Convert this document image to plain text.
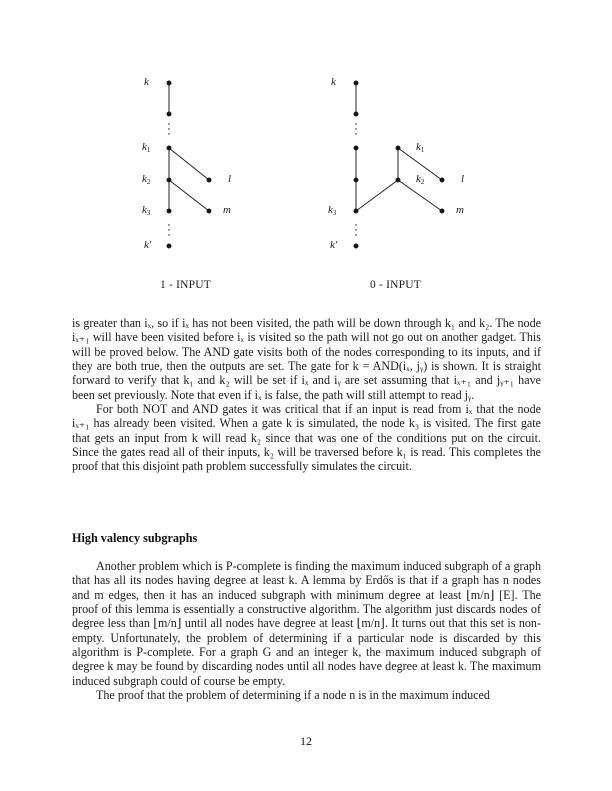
k
$k_1$
$k_2$
$k_3$
k′
l
m
1 - INPUT
k
$k_1$
$k_2$
$k_3$
k′
l
m
0 - INPUT

is greater than iₓ, so if iₓ has not been visited, the path will be down through k₁ and k₂. The node iₓ₊₁ will have been visited before iₓ is visited so the path will not go out on another gadget. This will be proved below. The AND gate visits both of the nodes corresponding to its inputs, and if they are both true, then the outputs are set. The gate for k = AND(iₓ, jᵧ) is shown. It is straight forward to verify that k₁ and k₂ will be set if iₓ and iᵧ are set assuming that iₓ₊₁ and jᵧ₊₁ have been set previously. Note that even if iₓ is false, the path will still attempt to read jᵧ.

For both NOT and AND gates it was critical that if an input is read from iₓ that the node iₓ₊₁ has already been visited. When a gate k is simulated, the node k₃ is visited. The first gate that gets an input from k will read k₂ since that was one of the conditions put on the circuit. Since the gates read all of their inputs, k₂ will be traversed before k₁ is read. This completes the proof that this disjoint path problem successfully simulates the circuit.

High valency subgraphs

Another problem which is P-complete is finding the maximum induced subgraph of a graph that has all its nodes having degree at least k. A lemma by Erdős is that if a graph has n nodes and m edges, then it has an induced subgraph with minimum degree at least ⌊m/n⌋ [E]. The proof of this lemma is essentially a constructive algorithm. The algorithm just discards nodes of degree less than ⌊m/n⌋ until all nodes have degree at least ⌊m/n⌋. It turns out that this set is non-empty. Unfortunately, the problem of determining if a particular node is discarded by this algorithm is P-complete. For a graph G and an integer k, the maximum induced subgraph of degree k may be found by discarding nodes until all nodes have degree at least k. The maximum induced subgraph could of course be empty.

The proof that the problem of determining if a node n is in the maximum induced

12
